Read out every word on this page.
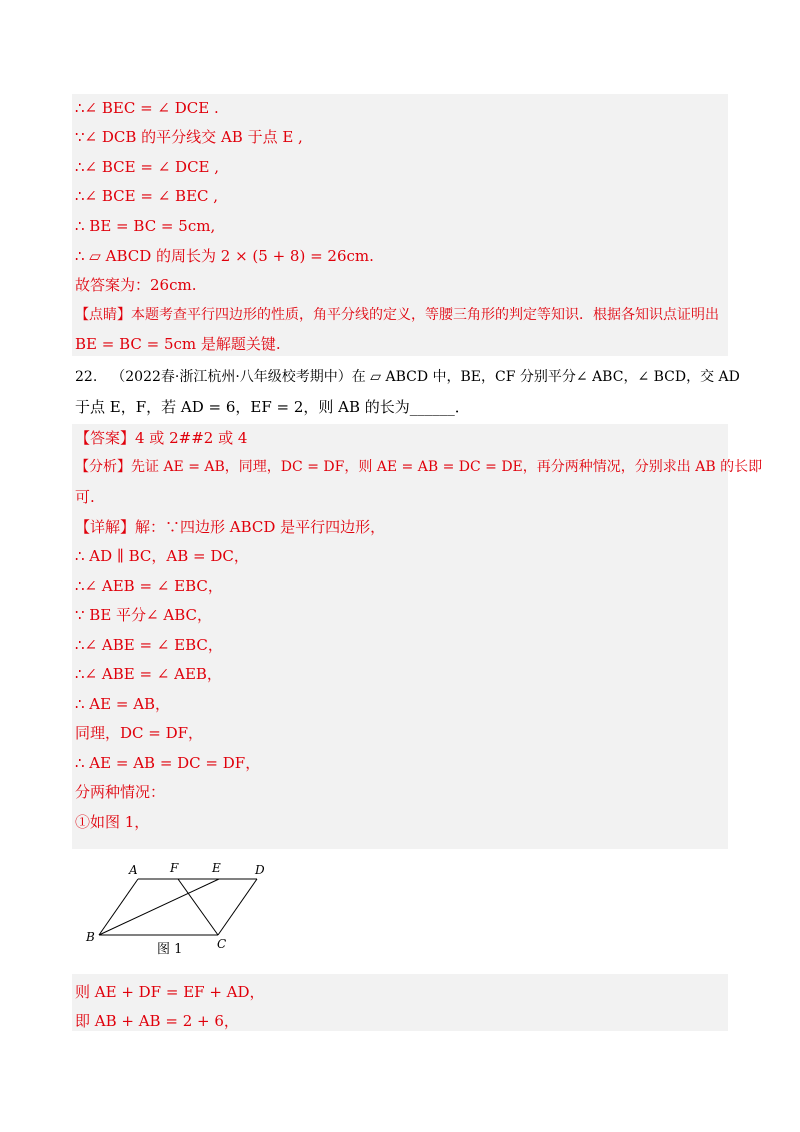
∴∠ BEC = ∠ DCE .
∵∠ DCB 的平分线交 AB 于点 E ,
∴∠ BCE = ∠ DCE ,
∴∠ BCE = ∠ BEC ,
∴ BE = BC = 5cm,
∴ ▱ ABCD 的周长为 2 × (5 + 8) = 26cm.
故答案为：26cm.
【点睛】本题考查平行四边形的性质，角平分线的定义，等腰三角形的判定等知识．根据各知识点证明出
BE = BC = 5cm 是解题关键.
22. （2022春·浙江杭州·八年级校考期中）在 ▱ ABCD 中，BE，CF 分别平分∠ ABC，∠ BCD，交 AD
于点 E，F，若 AD = 6，EF = 2，则 AB 的长为______．
【答案】4 或 2##2 或 4
【分析】先证 AE = AB，同理，DC = DF，则 AE = AB = DC = DE，再分两种情况，分别求出 AB 的长即
可.
【详解】解：∵四边形 ABCD 是平行四边形，
∴ AD ∥ BC，AB = DC，
∴∠ AEB = ∠ EBC，
∵ BE 平分∠ ABC，
∴∠ ABE = ∠ EBC，
∴∠ ABE = ∠ AEB，
∴ AE = AB，
同理，DC = DF，
∴ AE = AB = DC = DF，
分两种情况：
①如图 1，
A	F	E	D
B	C
图 1
则 AE + DF = EF + AD，
即 AB + AB = 2 + 6，
